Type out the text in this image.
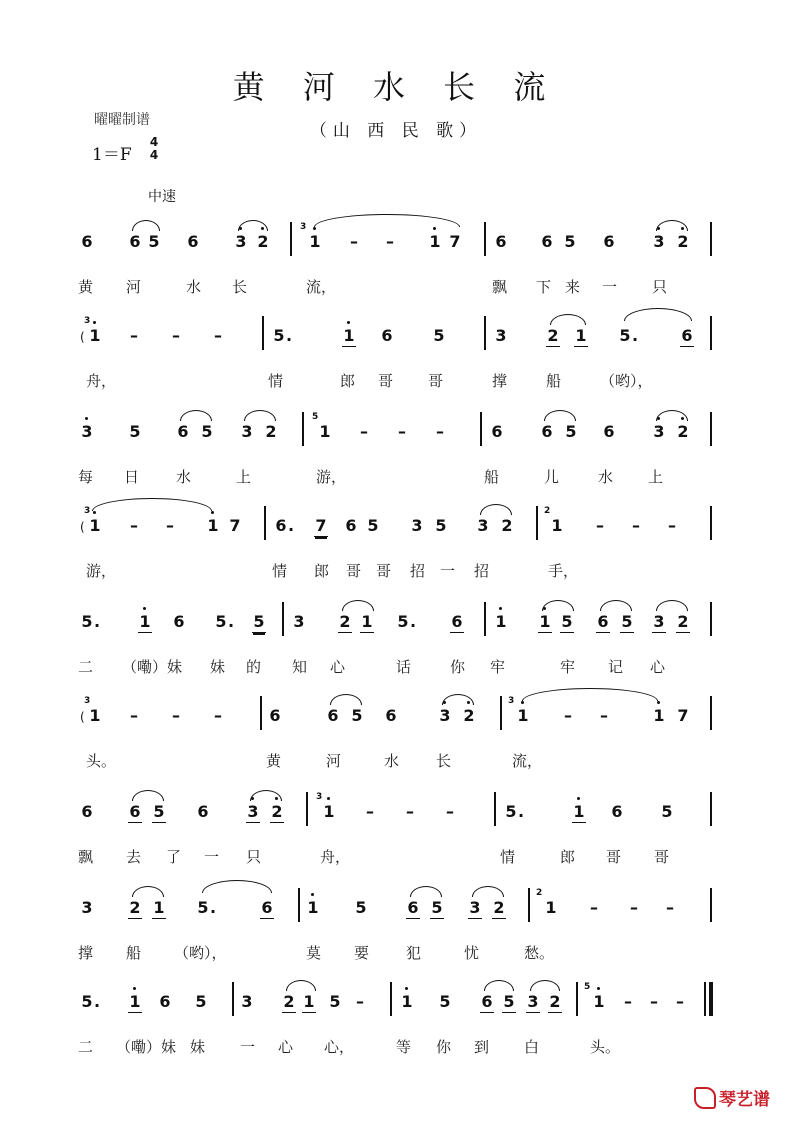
黄 河 水 长 流
（山 西 民 歌）
曜曜制谱
1＝F
4
4
中速
6 6 5 6 3 2
3
1 – – 1 7 6 6 5 6 3 2
黄 河	水 长	流，	飘 下来 一 只
3
( 1 – – –	5 .	1 6	5	3	2 1 5 .	6
舟，	情	郎 哥 哥	撑	船	（哟），
3 5 6 5 3 2
5
1 – – –	6 6 5 6 3 2
每 日 水	上	游，	船	儿	水 上
3
( 1 – – 1 7 6 . 7 6 5 3 5 3 2
2
1 – – –
游，	情 郎 哥 哥 招 一 招	手，
5 . 1 6 5 . 5 3 2 1 5 . 6 1 1 5 6 5 3 2
二 （嘞）妹 妹 的 知 心	话	你 牢	牢 记 心
3
( 1 – – –	6	6 5 6	3 2
3
1 – –	1 7
头。	黄	河	水 长	流，
6 6 5 6 3 2
3
1 – – –	5 .	1 6 5
飘 去 了 一 只	舟，	情	郎 哥 哥
3 2 1 5 .	6 1 5	6 5 3 2
2
1 – – –
撑 船 （哟），	莫 要 犯	忧	愁。
5 . 1 6 5 3 2 1 5 – 1 5 6 5 3 2
5
1 – – –
二 （嘞）妹 妹 一 心 心，	等 你 到 白	头。
琴艺谱
